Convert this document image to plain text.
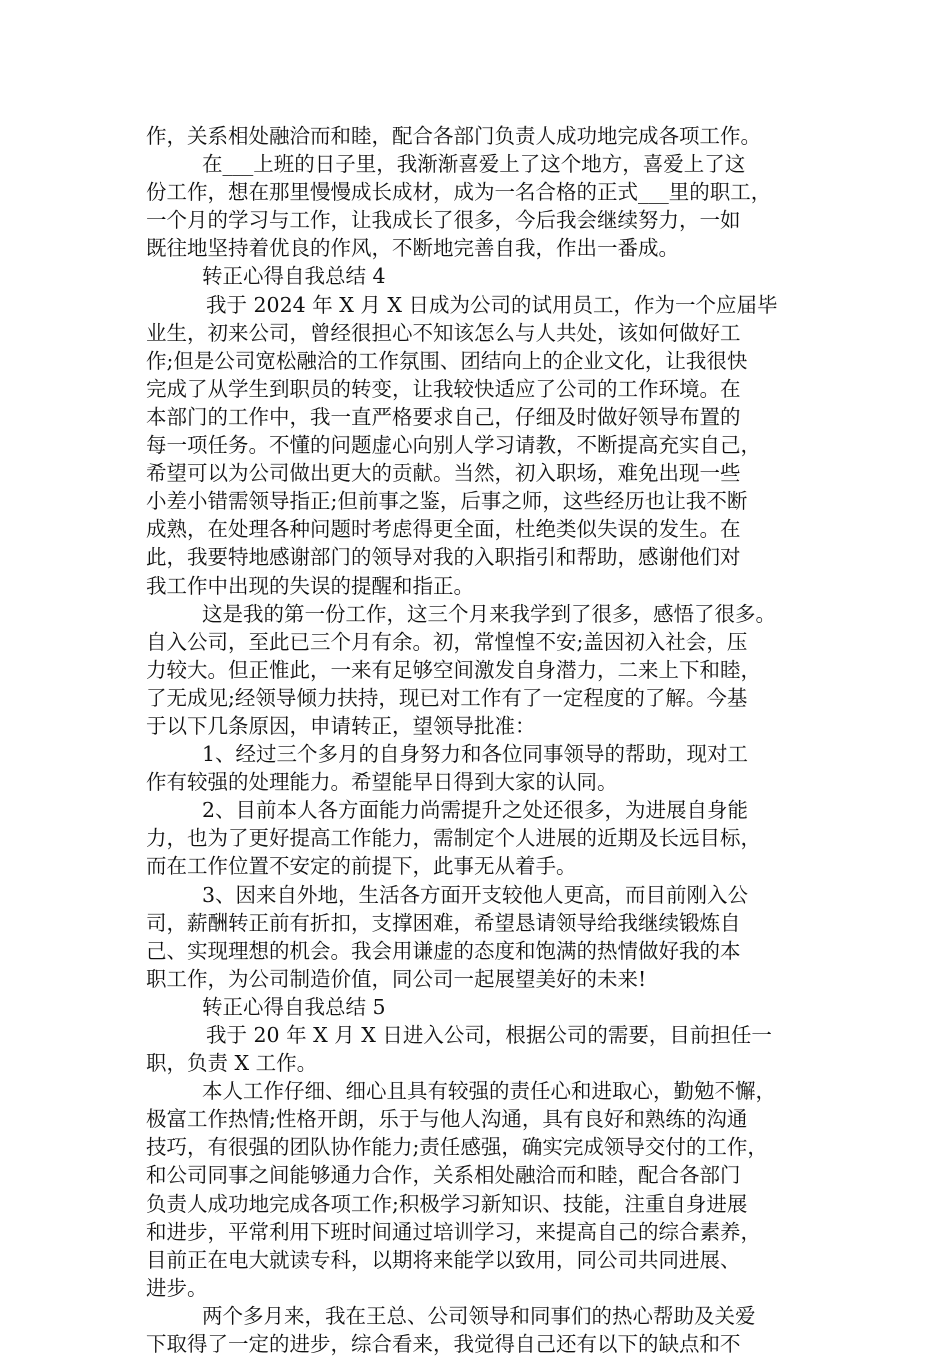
作，关系相处融洽而和睦，配合各部门负责人成功地完成各项工作。
在___上班的日子里，我渐渐喜爱上了这个地方，喜爱上了这
份工作，想在那里慢慢成长成材，成为一名合格的正式___里的职工，
一个月的学习与工作，让我成长了很多，今后我会继续努力，一如
既往地坚持着优良的作风，不断地完善自我，作出一番成。
转正心得自我总结 4
我于 2024 年 X 月 X 日成为公司的试用员工，作为一个应届毕
业生，初来公司，曾经很担心不知该怎么与人共处，该如何做好工
作;但是公司宽松融洽的工作氛围、团结向上的企业文化，让我很快
完成了从学生到职员的转变，让我较快适应了公司的工作环境。在
本部门的工作中，我一直严格要求自己，仔细及时做好领导布置的
每一项任务。不懂的问题虚心向别人学习请教，不断提高充实自己，
希望可以为公司做出更大的贡献。当然，初入职场，难免出现一些
小差小错需领导指正;但前事之鉴，后事之师，这些经历也让我不断
成熟，在处理各种问题时考虑得更全面，杜绝类似失误的发生。在
此，我要特地感谢部门的领导对我的入职指引和帮助，感谢他们对
我工作中出现的失误的提醒和指正。
这是我的第一份工作，这三个月来我学到了很多，感悟了很多。
自入公司，至此已三个月有余。初，常惶惶不安;盖因初入社会，压
力较大。但正惟此，一来有足够空间激发自身潜力，二来上下和睦，
了无成见;经领导倾力扶持，现已对工作有了一定程度的了解。今基
于以下几条原因，申请转正，望领导批准：
1、经过三个多月的自身努力和各位同事领导的帮助，现对工
作有较强的处理能力。希望能早日得到大家的认同。
2、目前本人各方面能力尚需提升之处还很多，为进展自身能
力，也为了更好提高工作能力，需制定个人进展的近期及长远目标，
而在工作位置不安定的前提下，此事无从着手。
3、因来自外地，生活各方面开支较他人更高，而目前刚入公
司，薪酬转正前有折扣，支撑困难，希望恳请领导给我继续锻炼自
己、实现理想的机会。我会用谦虚的态度和饱满的热情做好我的本
职工作，为公司制造价值，同公司一起展望美好的未来!
转正心得自我总结 5
我于 20 年 X 月 X 日进入公司，根据公司的需要，目前担任一
职，负责 X 工作。
本人工作仔细、细心且具有较强的责任心和进取心，勤勉不懈，
极富工作热情;性格开朗，乐于与他人沟通，具有良好和熟练的沟通
技巧，有很强的团队协作能力;责任感强，确实完成领导交付的工作，
和公司同事之间能够通力合作，关系相处融洽而和睦，配合各部门
负责人成功地完成各项工作;积极学习新知识、技能，注重自身进展
和进步，平常利用下班时间通过培训学习，来提高自己的综合素养，
目前正在电大就读专科，以期将来能学以致用，同公司共同进展、
进步。
两个多月来，我在王总、公司领导和同事们的热心帮助及关爱
下取得了一定的进步，综合看来，我觉得自己还有以下的缺点和不
